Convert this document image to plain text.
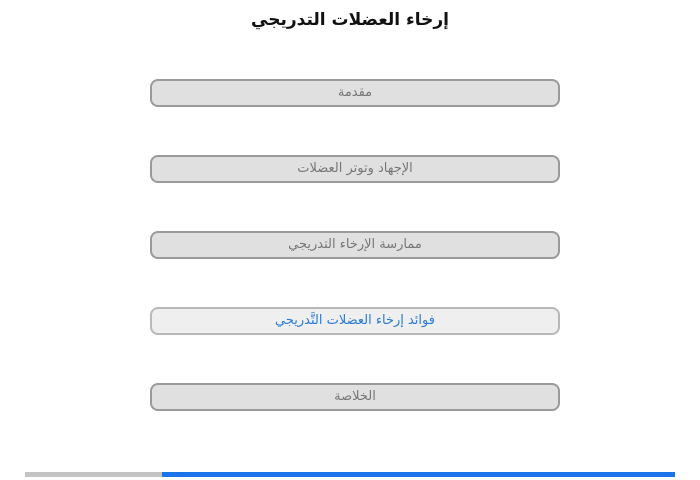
إرخاء العضلات التدريجي
مقدمة
الإجهاد وتوتر العضلات
ممارسة الإرخاء التدريجي
فوائد إرخاء العضلات التَّدريجي
الخلاصة
